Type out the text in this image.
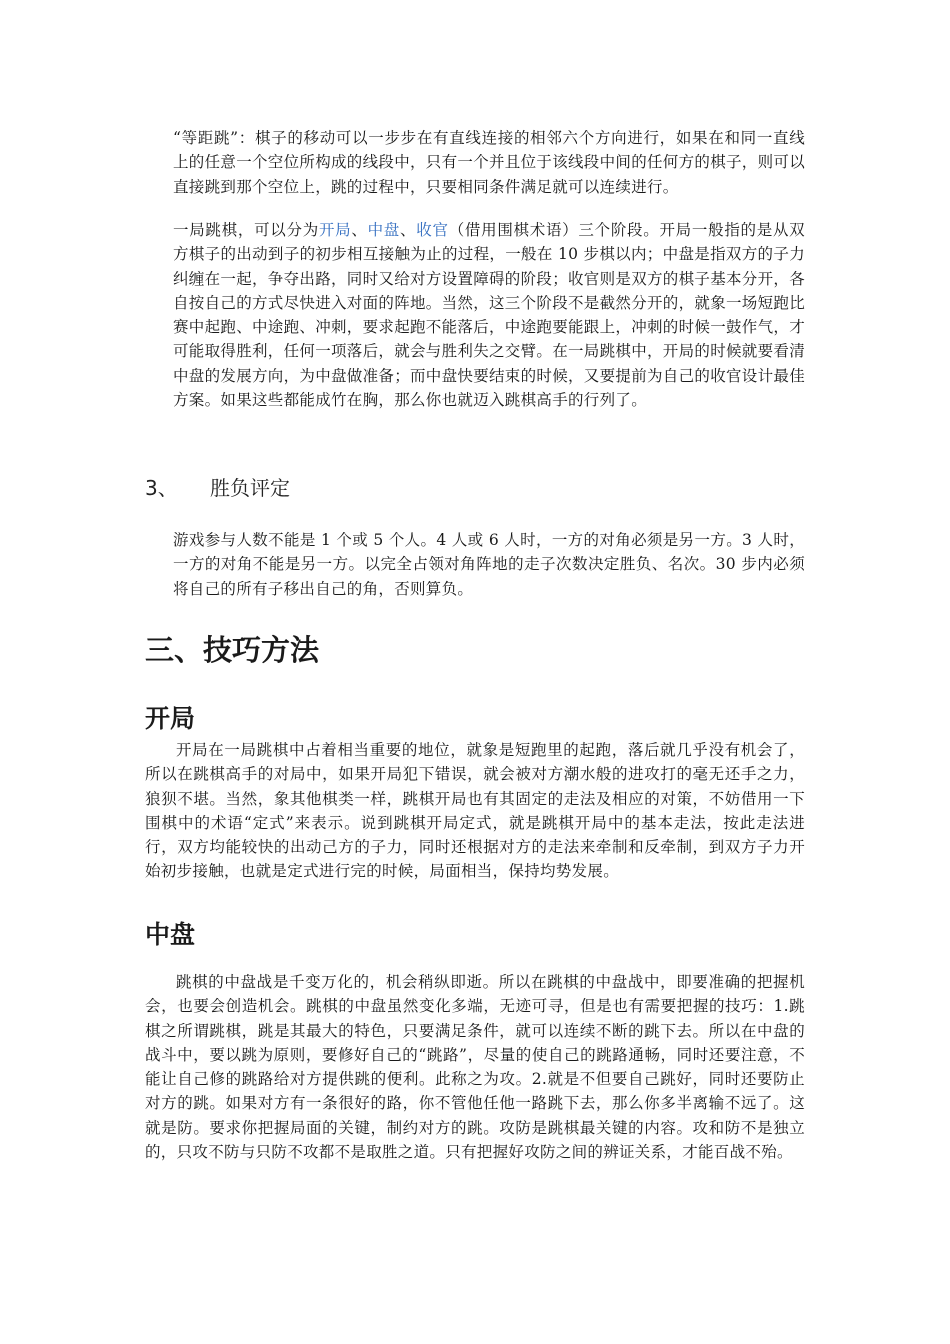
“等距跳”：棋子的移动可以一步步在有直线连接的相邻六个方向进行，如果在和同一直线上的任意一个空位所构成的线段中，只有一个并且位于该线段中间的任何方的棋子，则可以直接跳到那个空位上，跳的过程中，只要相同条件满足就可以连续进行。

一局跳棋，可以分为开局、中盘、收官（借用围棋术语）三个阶段。开局一般指的是从双方棋子的出动到子的初步相互接触为止的过程，一般在 10 步棋以内；中盘是指双方的子力纠缠在一起，争夺出路，同时又给对方设置障碍的阶段；收官则是双方的棋子基本分开，各自按自己的方式尽快进入对面的阵地。当然，这三个阶段不是截然分开的，就象一场短跑比赛中起跑、中途跑、冲刺，要求起跑不能落后，中途跑要能跟上，冲刺的时候一鼓作气，才可能取得胜利，任何一项落后，就会与胜利失之交臂。在一局跳棋中，开局的时候就要看清中盘的发展方向，为中盘做准备；而中盘快要结束的时候，又要提前为自己的收官设计最佳方案。如果这些都能成竹在胸，那么你也就迈入跳棋高手的行列了。

3、 胜负评定

游戏参与人数不能是 1 个或 5 个人。4 人或 6 人时，一方的对角必须是另一方。3 人时，一方的对角不能是另一方。以完全占领对角阵地的走子次数决定胜负、名次。30 步内必须将自己的所有子移出自己的角，否则算负。

三、技巧方法
开局

开局在一局跳棋中占着相当重要的地位，就象是短跑里的起跑，落后就几乎没有机会了，所以在跳棋高手的对局中，如果开局犯下错误，就会被对方潮水般的进攻打的毫无还手之力，狼狈不堪。当然，象其他棋类一样，跳棋开局也有其固定的走法及相应的对策，不妨借用一下围棋中的术语“定式”来表示。说到跳棋开局定式，就是跳棋开局中的基本走法，按此走法进行，双方均能较快的出动己方的子力，同时还根据对方的走法来牵制和反牵制，到双方子力开始初步接触，也就是定式进行完的时候，局面相当，保持均势发展。

中盘

跳棋的中盘战是千变万化的，机会稍纵即逝。所以在跳棋的中盘战中，即要准确的把握机会，也要会创造机会。跳棋的中盘虽然变化多端，无迹可寻，但是也有需要把握的技巧：1.跳棋之所谓跳棋，跳是其最大的特色，只要满足条件，就可以连续不断的跳下去。所以在中盘的战斗中，要以跳为原则，要修好自己的“跳路”，尽量的使自己的跳路通畅，同时还要注意，不能让自己修的跳路给对方提供跳的便利。此称之为攻。2.就是不但要自己跳好，同时还要防止对方的跳。如果对方有一条很好的路，你不管他任他一路跳下去，那么你多半离输不远了。这就是防。要求你把握局面的关键，制约对方的跳。攻防是跳棋最关键的内容。攻和防不是独立的，只攻不防与只防不攻都不是取胜之道。只有把握好攻防之间的辨证关系，才能百战不殆。
